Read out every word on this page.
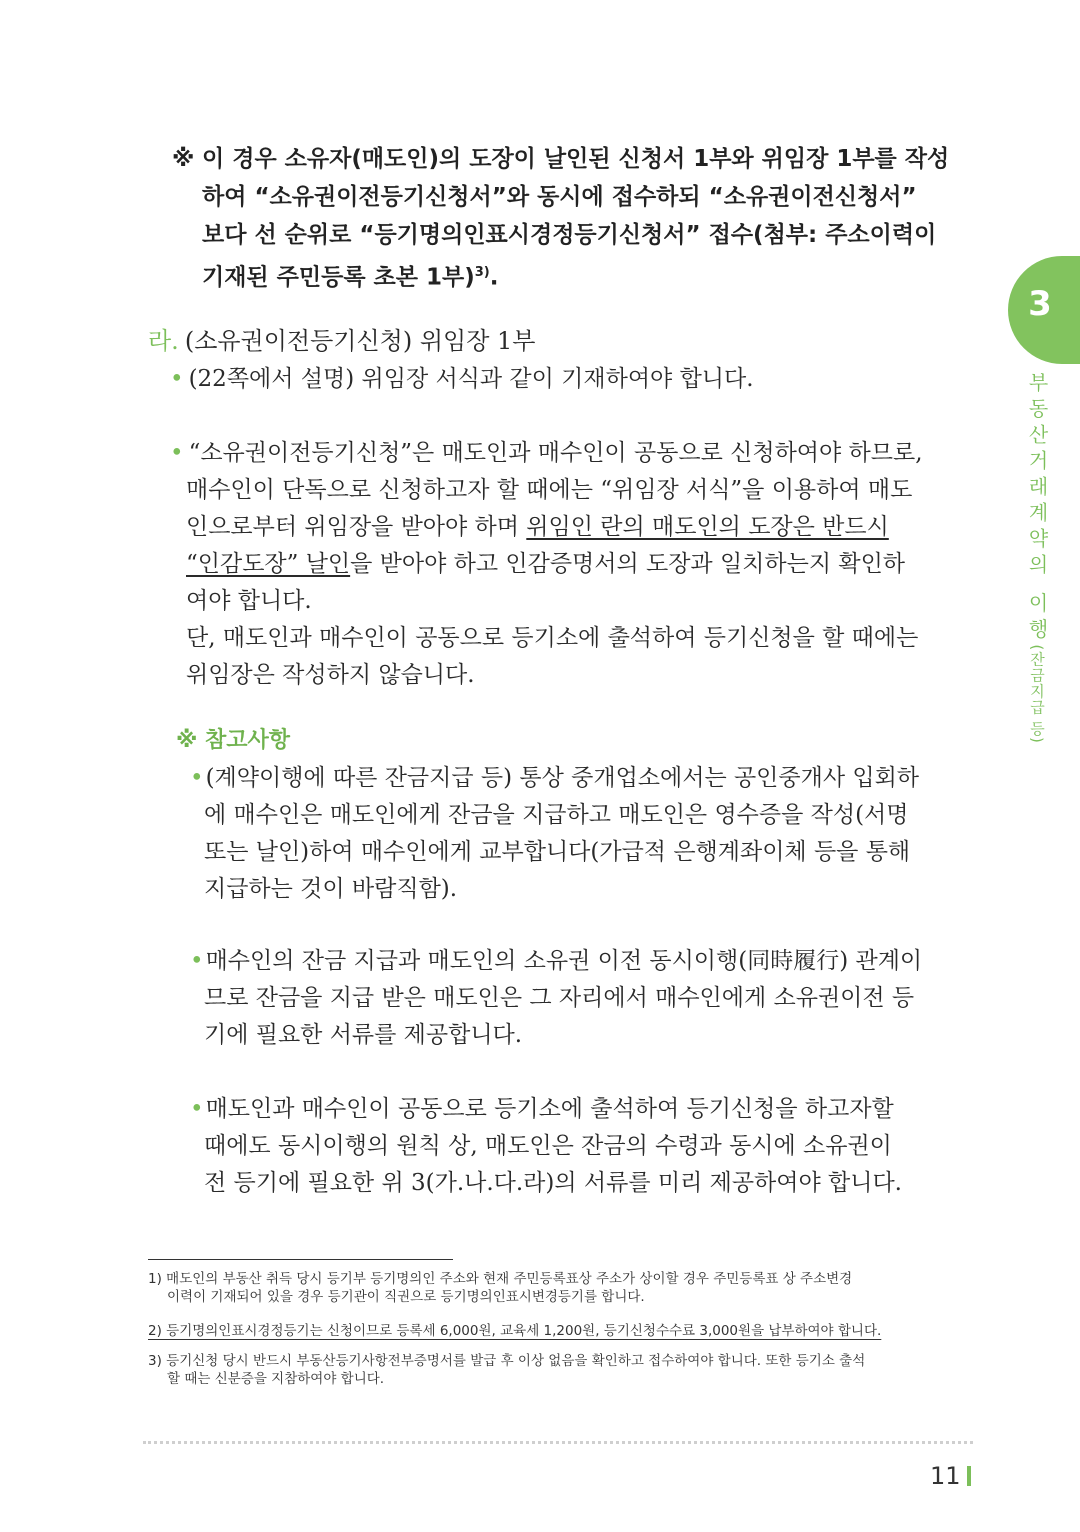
※ 이 경우 소유자(매도인)의 도장이 날인된 신청서 1부와 위임장 1부를 작성
하여 “소유권이전등기신청서”와 동시에 접수하되 “소유권이전신청서”
보다 선 순위로 “등기명의인표시경정등기신청서” 접수(첨부: 주소이력이
기재된 주민등록 초본 1부)$^{3)}$.
라. (소유권이전등기신청) 위임장 1부
• (22쪽에서 설명) 위임장 서식과 같이 기재하여야 합니다.
• “소유권이전등기신청”은 매도인과 매수인이 공동으로 신청하여야 하므로,
매수인이 단독으로 신청하고자 할 때에는 “위임장 서식”을 이용하여 매도
인으로부터 위임장을 받아야 하며 위임인 란의 매도인의 도장은 반드시
“인감도장” 날인을 받아야 하고 인감증명서의 도장과 일치하는지 확인하
여야 합니다.
단, 매도인과 매수인이 공동으로 등기소에 출석하여 등기신청을 할 때에는
위임장은 작성하지 않습니다.
※ 참고사항
•(계약이행에 따른 잔금지급 등) 통상 중개업소에서는 공인중개사 입회하
에 매수인은 매도인에게 잔금을 지급하고 매도인은 영수증을 작성(서명
또는 날인)하여 매수인에게 교부합니다(가급적 은행계좌이체 등을 통해
지급하는 것이 바람직함).
•매수인의 잔금 지급과 매도인의 소유권 이전 동시이행(同時履行) 관계이
므로 잔금을 지급 받은 매도인은 그 자리에서 매수인에게 소유권이전 등
기에 필요한 서류를 제공합니다.
•매도인과 매수인이 공동으로 등기소에 출석하여 등기신청을 하고자할
때에도 동시이행의 원칙 상, 매도인은 잔금의 수령과 동시에 소유권이
전 등기에 필요한 위 3(가.나.다.라)의 서류를 미리 제공하여야 합니다.
1) 매도인의 부동산 취득 당시 등기부 등기명의인 주소와 현재 주민등록표상 주소가 상이할 경우 주민등록표 상 주소변경
이력이 기재되어 있을 경우 등기관이 직권으로 등기명의인표시변경등기를 합니다.
2) 등기명의인표시경정등기는 신청이므로 등록세 6,000원, 교육세 1,200원, 등기신청수수료 3,000원을 납부하여야 합니다.
3) 등기신청 당시 반드시 부동산등기사항전부증명서를 발급 후 이상 없음을 확인하고 접수하여야 합니다. 또한 등기소 출석
할 때는 신분증을 지참하여야 합니다.
11
3
부동산거래계약의 이행(잔금지급 등)
